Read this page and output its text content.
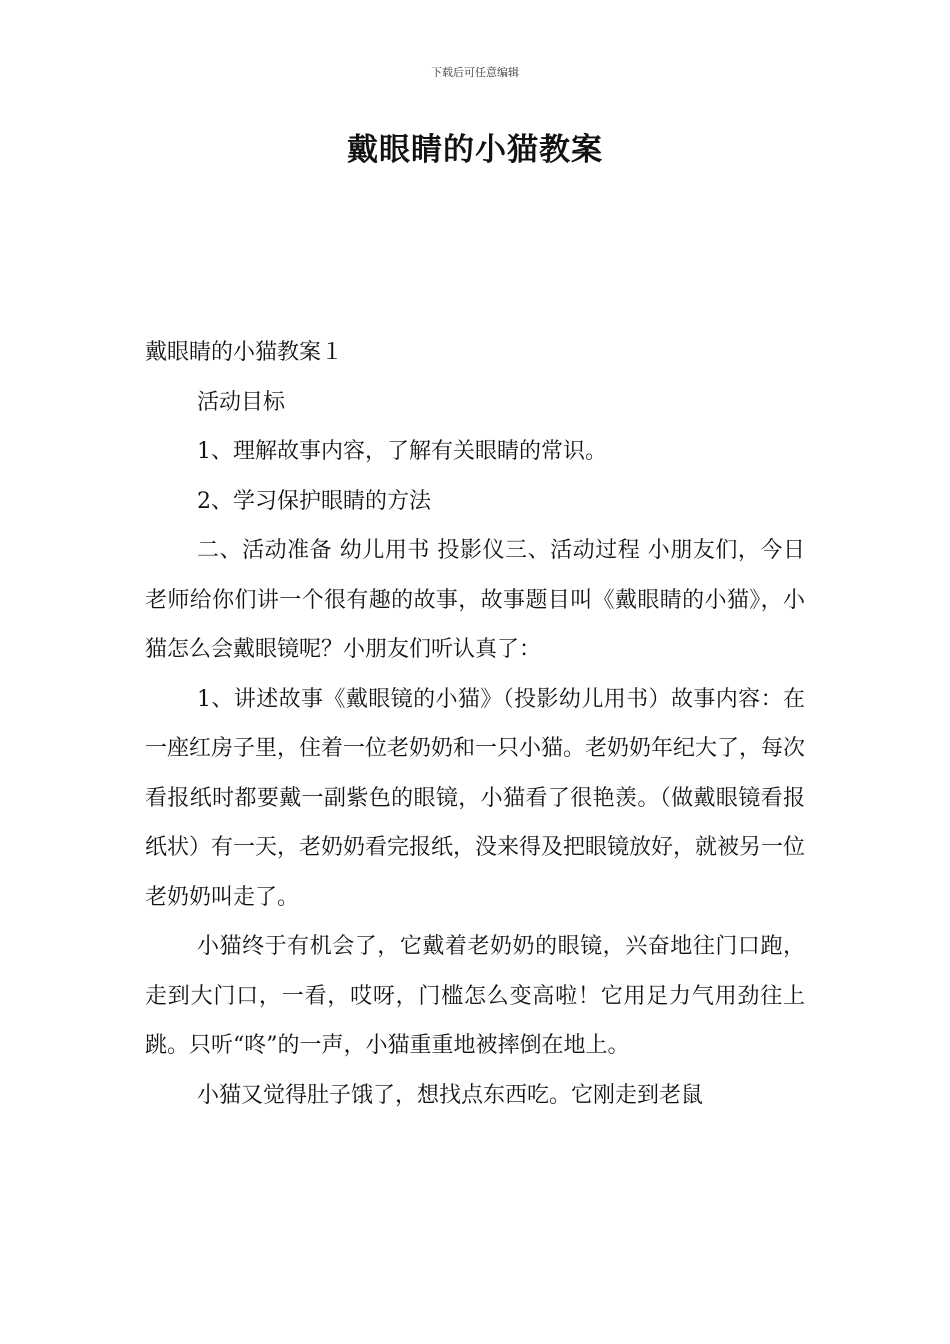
下载后可任意编辑
戴眼睛的小猫教案

戴眼睛的小猫教案１

活动目标

1、理解故事内容，了解有关眼睛的常识。

2、学习保护眼睛的方法

二、活动准备 幼儿用书 投影仪三、活动过程 小朋友们，今日老师给你们讲一个很有趣的故事，故事题目叫《戴眼睛的小猫》，小猫怎么会戴眼镜呢？小朋友们听认真了：

1、讲述故事《戴眼镜的小猫》（投影幼儿用书）故事内容：在一座红房子里，住着一位老奶奶和一只小猫。老奶奶年纪大了，每次看报纸时都要戴一副紫色的眼镜，小猫看了很艳羡。（做戴眼镜看报纸状）有一天，老奶奶看完报纸，没来得及把眼镜放好，就被另一位老奶奶叫走了。

小猫终于有机会了，它戴着老奶奶的眼镜，兴奋地往门口跑，走到大门口，一看，哎呀，门槛怎么变高啦！它用足力气用劲往上跳。只听“咚”的一声，小猫重重地被摔倒在地上。

小猫又觉得肚子饿了，想找点东西吃。它刚走到老鼠
